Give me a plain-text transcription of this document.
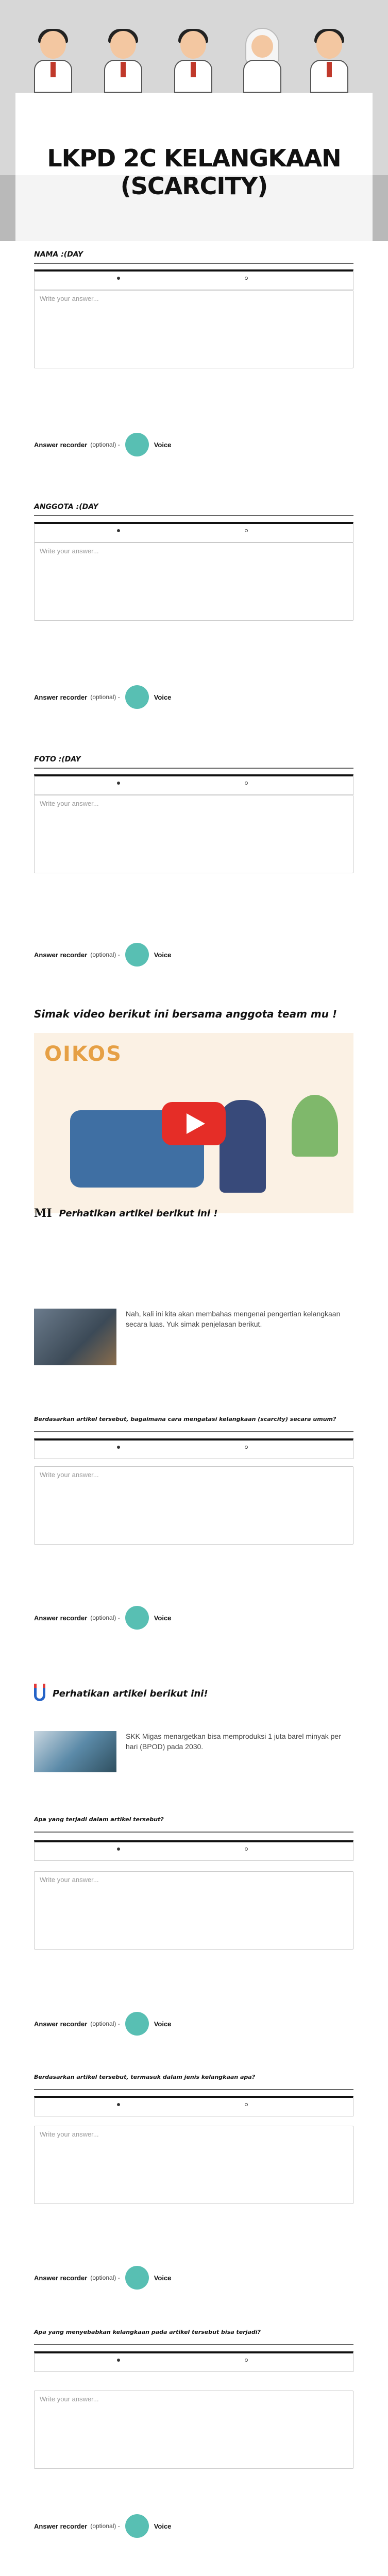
LKPD 2C KELANGKAAN (SCARCITY)
NAMA :(DAY
Write your answer...
Answer recorder (optional) -	Voice
ANGGOTA :(DAY
Write your answer...
Answer recorder (optional) -	Voice
FOTO :(DAY
Write your answer...
Answer recorder (optional) -	Voice
Simak video berikut ini bersama anggota team mu !
OIKOS
MI Perhatikan artikel berikut ini !
Nah, kali ini kita akan membahas mengenai pengertian kelangkaan secara luas. Yuk simak penjelasan berikut.
Berdasarkan artikel tersebut, bagaimana cara mengatasi kelangkaan (scarcity) secara umum?
Write your answer...
Answer recorder (optional) -	Voice
Perhatikan artikel berikut ini!
SKK Migas menargetkan bisa memproduksi 1 juta barel minyak per hari (BPOD) pada 2030.
Apa yang terjadi dalam artikel tersebut?
Write your answer...
Answer recorder (optional) -	Voice
Berdasarkan artikel tersebut, termasuk dalam jenis kelangkaan apa?
Write your answer...
Answer recorder (optional) -	Voice
Apa yang menyebabkan kelangkaan pada artikel tersebut bisa terjadi?
Write your answer...
Answer recorder (optional) -	Voice
